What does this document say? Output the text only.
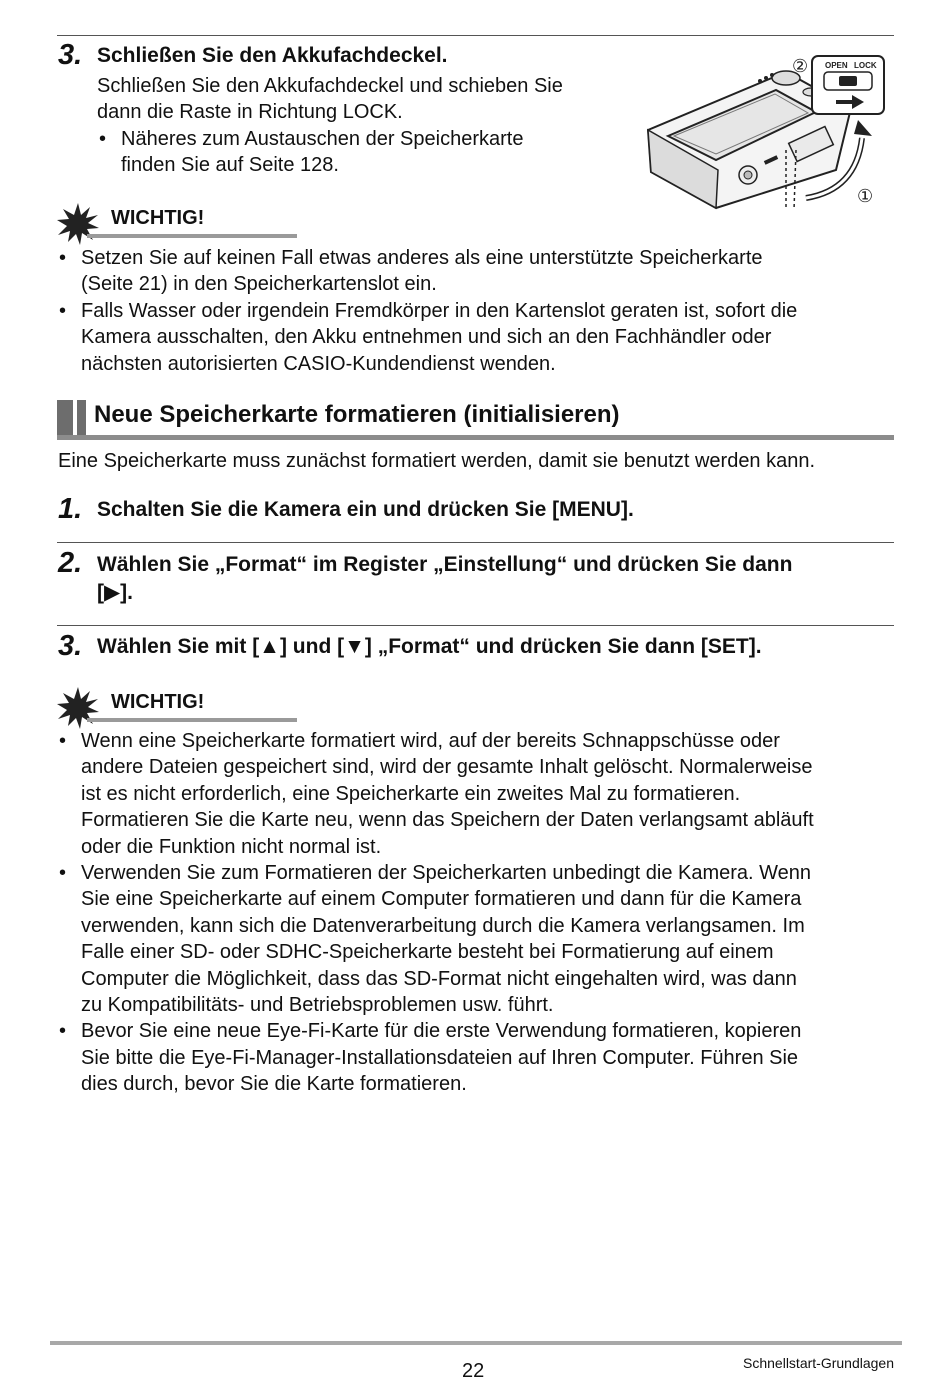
3. Schließen Sie den Akkufachdeckel.
Schließen Sie den Akkufachdeckel und schieben Sie
dann die Raste in Richtung LOCK.
• Näheres zum Austauschen der Speicherkarte
finden Sie auf Seite 128.
OPEN LOCK
②
①
WICHTIG!
• Setzen Sie auf keinen Fall etwas anderes als eine unterstützte Speicherkarte
(Seite 21) in den Speicherkartenslot ein.
• Falls Wasser oder irgendein Fremdkörper in den Kartenslot geraten ist, sofort die
Kamera ausschalten, den Akku entnehmen und sich an den Fachhändler oder
nächsten autorisierten CASIO-Kundendienst wenden.
Neue Speicherkarte formatieren (initialisieren)
Eine Speicherkarte muss zunächst formatiert werden, damit sie benutzt werden kann.
1. Schalten Sie die Kamera ein und drücken Sie [MENU].
2. Wählen Sie „Format“ im Register „Einstellung“ und drücken Sie dann
[▶].
3. Wählen Sie mit [▲] und [▼] „Format“ und drücken Sie dann [SET].
WICHTIG!
• Wenn eine Speicherkarte formatiert wird, auf der bereits Schnappschüsse oder
andere Dateien gespeichert sind, wird der gesamte Inhalt gelöscht. Normalerweise
ist es nicht erforderlich, eine Speicherkarte ein zweites Mal zu formatieren.
Formatieren Sie die Karte neu, wenn das Speichern der Daten verlangsamt abläuft
oder die Funktion nicht normal ist.
• Verwenden Sie zum Formatieren der Speicherkarten unbedingt die Kamera. Wenn
Sie eine Speicherkarte auf einem Computer formatieren und dann für die Kamera
verwenden, kann sich die Datenverarbeitung durch die Kamera verlangsamen. Im
Falle einer SD- oder SDHC-Speicherkarte besteht bei Formatierung auf einem
Computer die Möglichkeit, dass das SD-Format nicht eingehalten wird, was dann
zu Kompatibilitäts- und Betriebsproblemen usw. führt.
• Bevor Sie eine neue Eye-Fi-Karte für die erste Verwendung formatieren, kopieren
Sie bitte die Eye-Fi-Manager-Installationsdateien auf Ihren Computer. Führen Sie
dies durch, bevor Sie die Karte formatieren.
22	Schnellstart-Grundlagen
